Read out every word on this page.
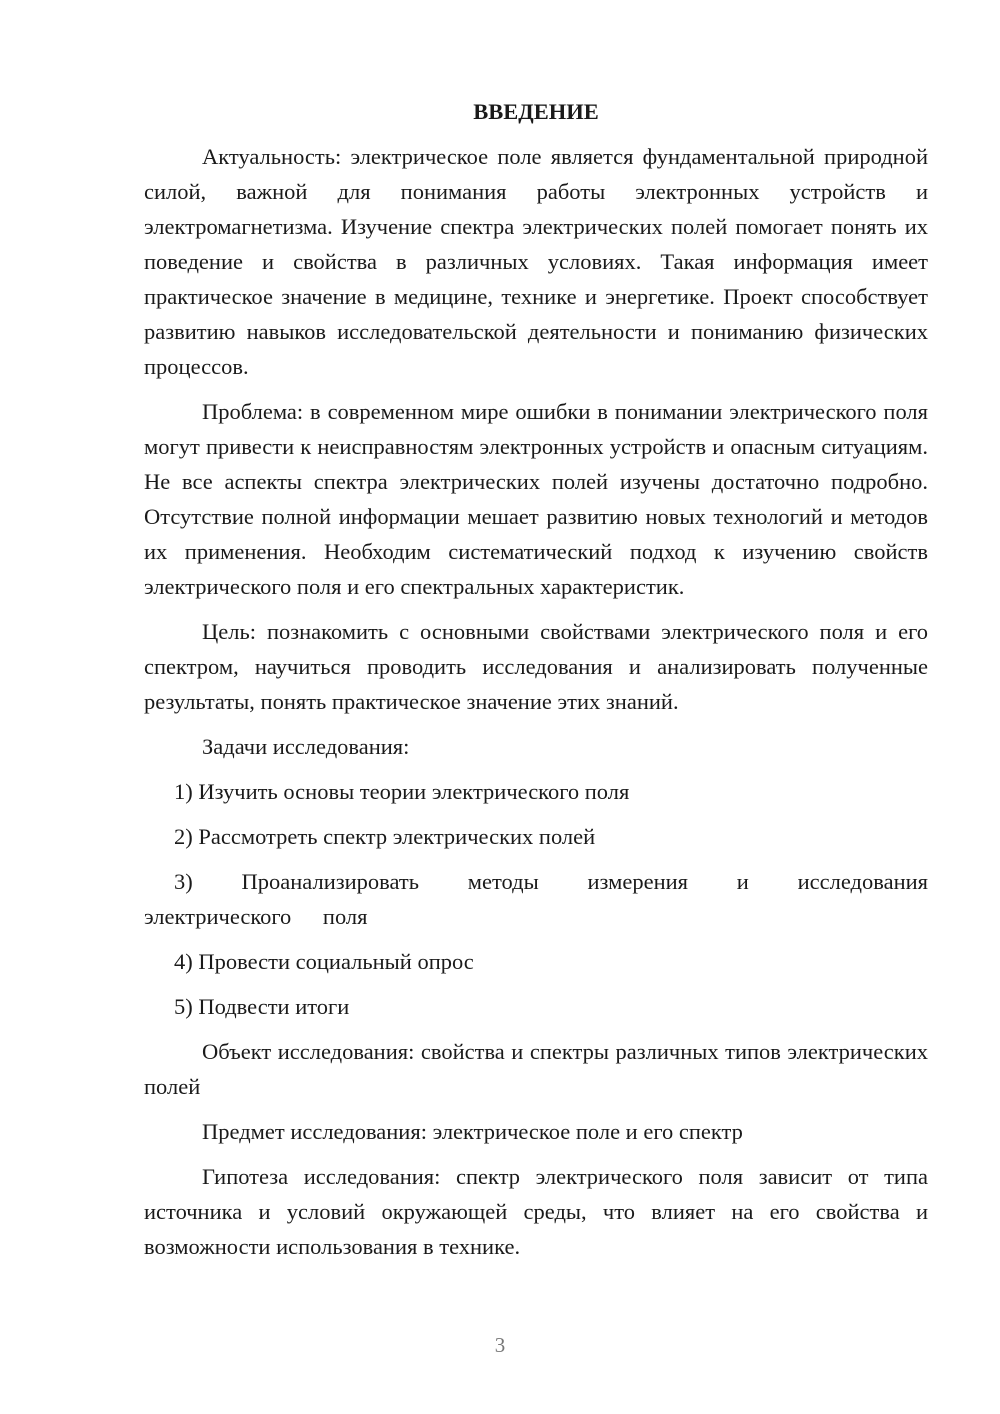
ВВЕДЕНИЕ

Актуальность: электрическое поле является фундаментальной природной силой, важной для понимания работы электронных устройств и электромагнетизма. Изучение спектра электрических полей помогает понять их поведение и свойства в различных условиях. Такая информация имеет практическое значение в медицине, технике и энергетике. Проект способствует развитию навыков исследовательской деятельности и пониманию физических процессов.

Проблема: в современном мире ошибки в понимании электрического поля могут привести к неисправностям электронных устройств и опасным ситуациям. Не все аспекты спектра электрических полей изучены достаточно подробно. Отсутствие полной информации мешает развитию новых технологий и методов их применения. Необходим систематический подход к изучению свойств электрического поля и его спектральных характеристик.

Цель: познакомить с основными свойствами электрического поля и его спектром, научиться проводить исследования и анализировать полученные результаты, понять практическое значение этих знаний.

Задачи исследования:

1) Изучить основы теории электрического поля

2) Рассмотреть спектр электрических полей

3) Проанализировать методы измерения и исследования электрического поля

4) Провести социальный опрос

5) Подвести итоги

Объект исследования: свойства и спектры различных типов электрических полей

Предмет исследования: электрическое поле и его спектр

Гипотеза исследования: спектр электрического поля зависит от типа источника и условий окружающей среды, что влияет на его свойства и возможности использования в технике.

3
